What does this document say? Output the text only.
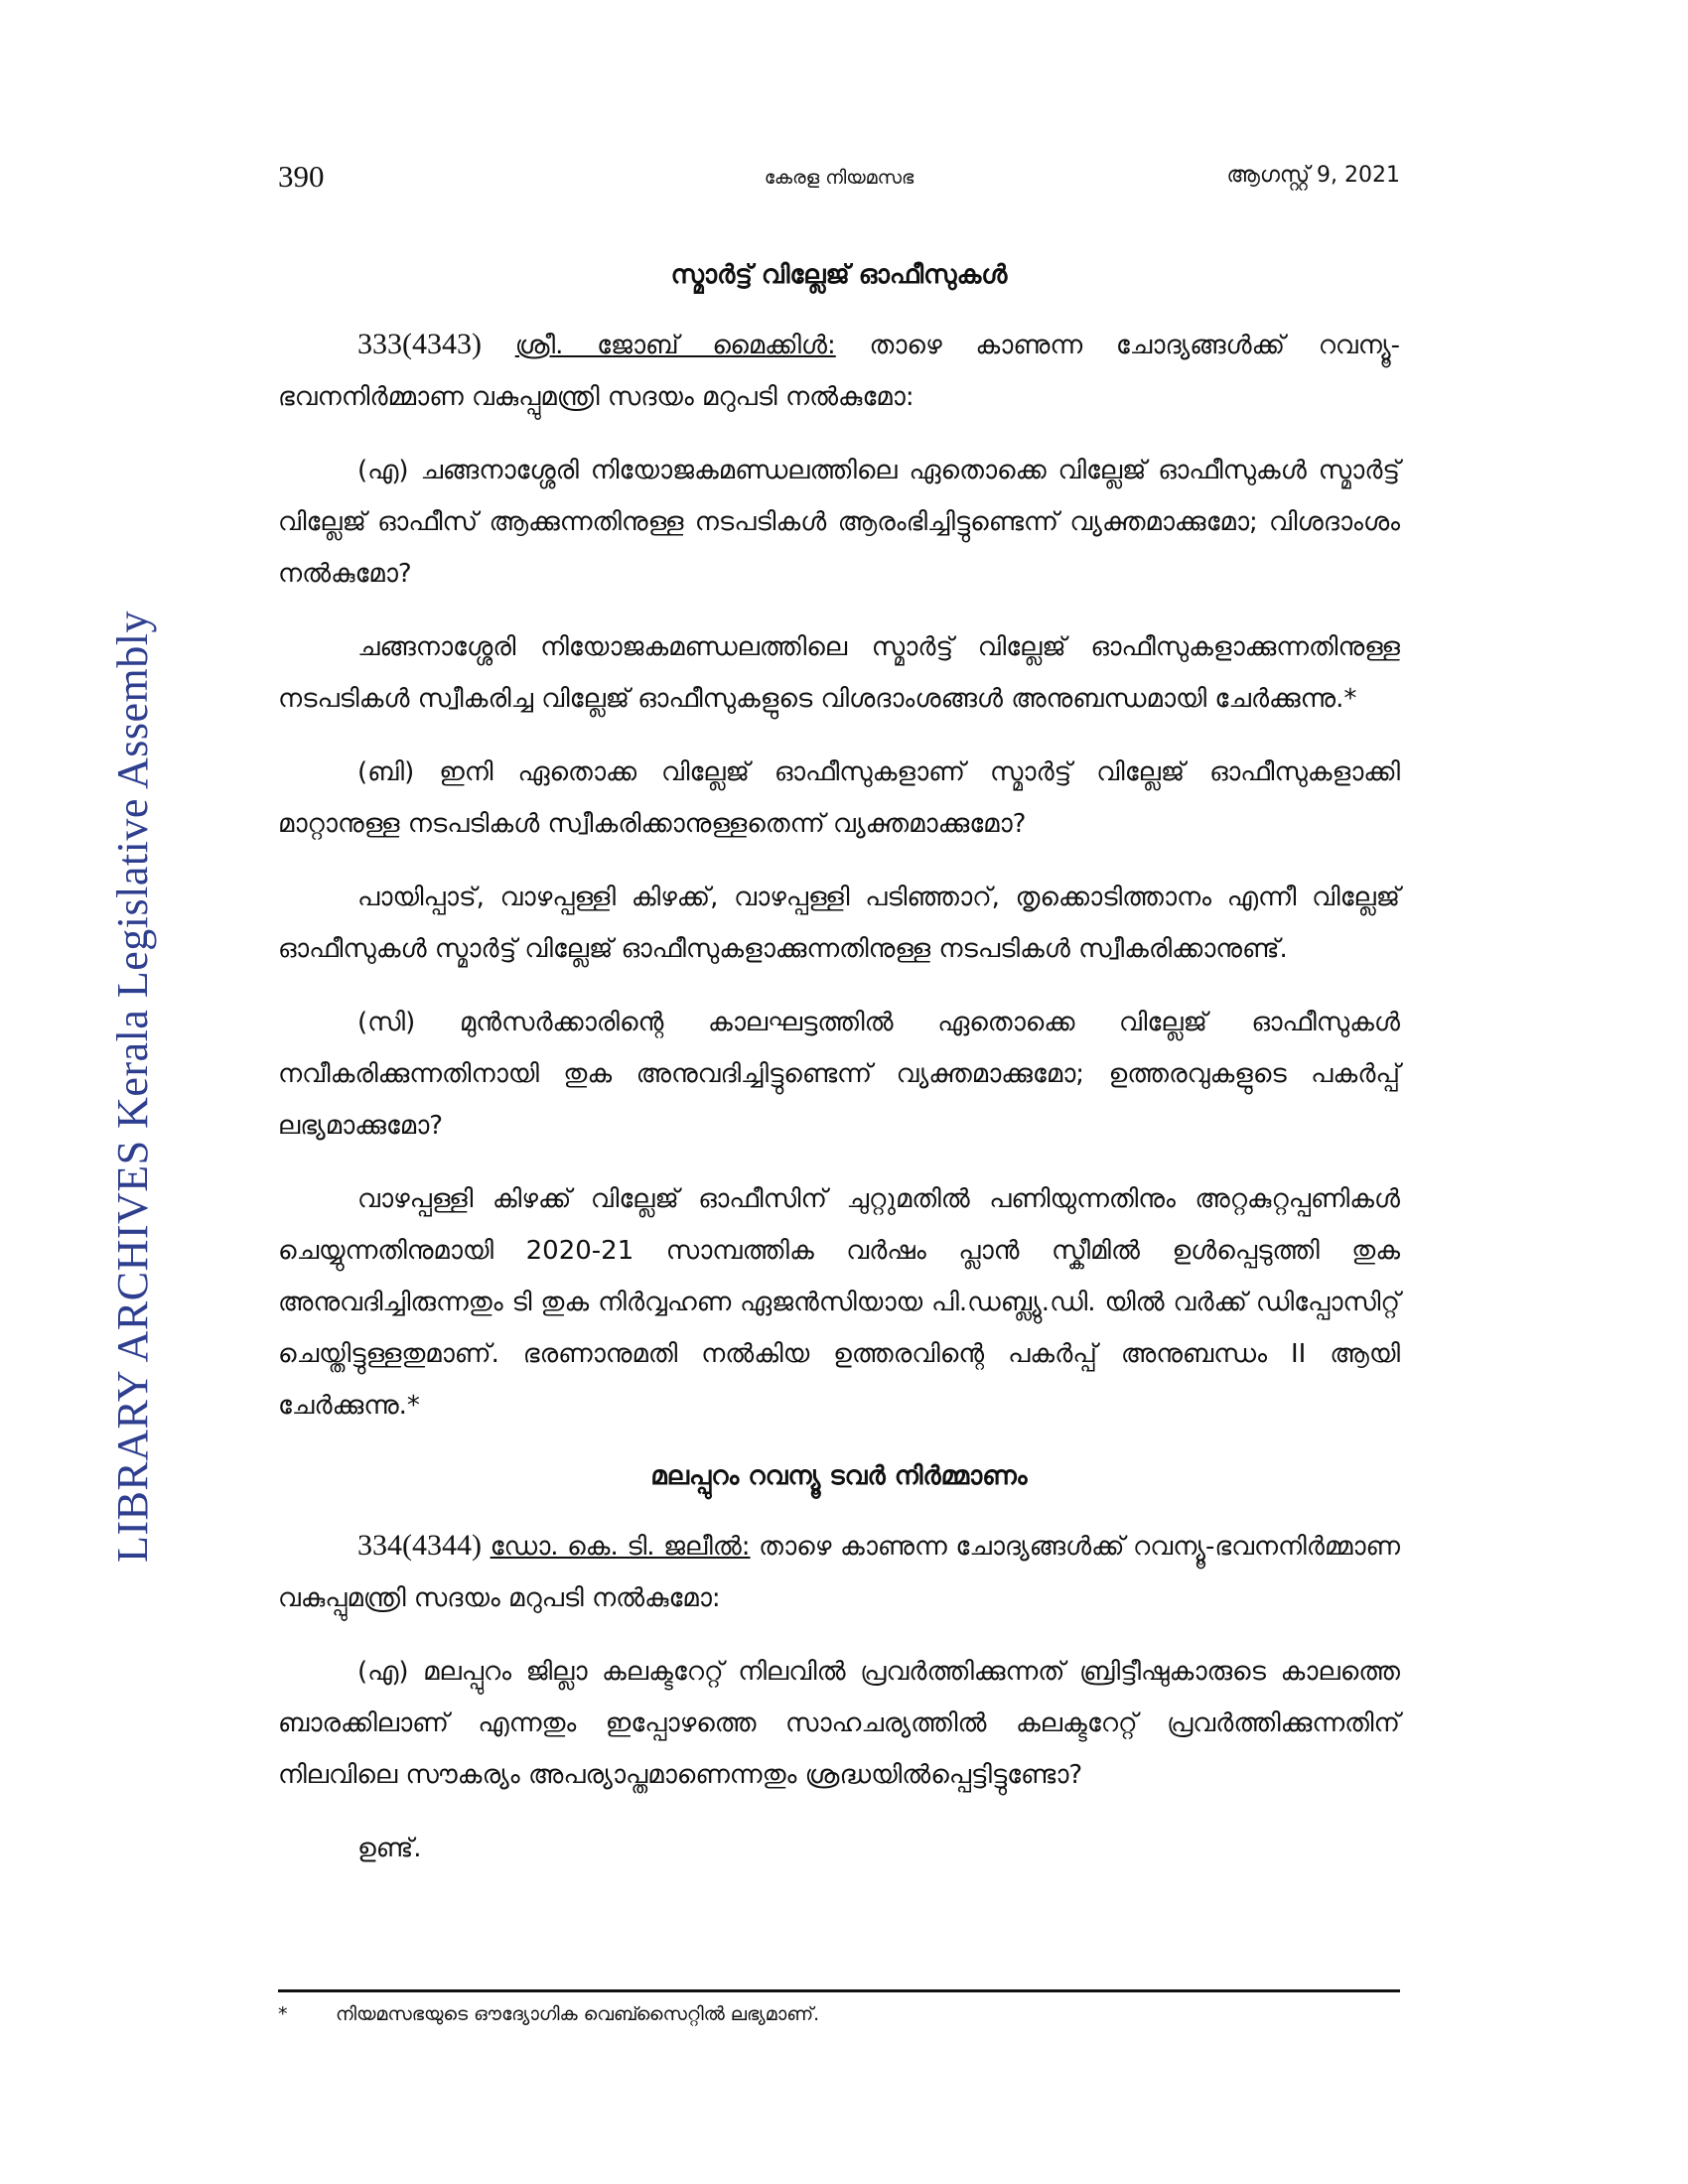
LIBRARY ARCHIVES Kerala Legislative Assembly
390	കേരള നിയമസഭ	ആഗസ്റ്റ് 9, 2021
സ്മാർട്ട് വില്ലേജ് ഓഫീസുകൾ

333(4343) ശ്രീ. ജോബ് മൈക്കിൾ: താഴെ കാണുന്ന ചോദ്യങ്ങൾക്ക് റവന്യൂ-ഭവനനിർമ്മാണ വകുപ്പുമന്ത്രി സദയം മറുപടി നൽകുമോ:

(എ) ചങ്ങനാശ്ശേരി നിയോജകമണ്ഡലത്തിലെ ഏതൊക്കെ വില്ലേജ് ഓഫീസുകൾ സ്മാർട്ട് വില്ലേജ് ഓഫീസ് ആക്കുന്നതിനുള്ള നടപടികൾ ആരംഭിച്ചിട്ടുണ്ടെന്ന് വ്യക്തമാക്കുമോ; വിശദാംശം നൽകുമോ?

ചങ്ങനാശ്ശേരി നിയോജകമണ്ഡലത്തിലെ സ്മാർട്ട് വില്ലേജ് ഓഫീസുകളാക്കുന്നതിനുള്ള നടപടികൾ സ്വീകരിച്ച വില്ലേജ് ഓഫീസുകളുടെ വിശദാംശങ്ങൾ അനുബന്ധമായി ചേർക്കുന്നു.*

(ബി) ഇനി ഏതൊക്ക വില്ലേജ് ഓഫീസുകളാണ് സ്മാർട്ട് വില്ലേജ് ഓഫീസുകളാക്കി മാറ്റാനുള്ള നടപടികൾ സ്വീകരിക്കാനുള്ളതെന്ന് വ്യക്തമാക്കുമോ?

പായിപ്പാട്, വാഴപ്പള്ളി കിഴക്ക്, വാഴപ്പള്ളി പടിഞ്ഞാറ്, തൃക്കൊടിത്താനം എന്നീ വില്ലേജ് ഓഫീസുകൾ സ്മാർട്ട് വില്ലേജ് ഓഫീസുകളാക്കുന്നതിനുള്ള നടപടികൾ സ്വീകരിക്കാനുണ്ട്.

(സി) മുൻസർക്കാരിന്റെ കാലഘട്ടത്തിൽ ഏതൊക്കെ വില്ലേജ് ഓഫീസുകൾ നവീകരിക്കുന്നതിനായി തുക അനുവദിച്ചിട്ടുണ്ടെന്ന് വ്യക്തമാക്കുമോ; ഉത്തരവുകളുടെ പകർപ്പ് ലഭ്യമാക്കുമോ?

വാഴപ്പള്ളി കിഴക്ക് വില്ലേജ് ഓഫീസിന് ചുറ്റുമതിൽ പണിയുന്നതിനും അറ്റകുറ്റപ്പണികൾ ചെയ്യുന്നതിനുമായി 2020-21 സാമ്പത്തിക വർഷം പ്ലാൻ സ്കീമിൽ ഉൾപ്പെടുത്തി തുക അനുവദിച്ചിരുന്നതും ടി തുക നിർവ്വഹണ ഏജൻസിയായ പി.ഡബ്ല്യു.ഡി. യിൽ വർക്ക് ഡിപ്പോസിറ്റ് ചെയ്തിട്ടുള്ളതുമാണ്. ഭരണാനുമതി നൽകിയ ഉത്തരവിന്റെ പകർപ്പ് അനുബന്ധം II ആയി ചേർക്കുന്നു.*

മലപ്പുറം റവന്യൂ ടവർ നിർമ്മാണം

334(4344) ഡോ. കെ. ടി. ജലീൽ: താഴെ കാണുന്ന ചോദ്യങ്ങൾക്ക് റവന്യൂ-ഭവനനിർമ്മാണ വകുപ്പുമന്ത്രി സദയം മറുപടി നൽകുമോ:

(എ) മലപ്പുറം ജില്ലാ കലക്ടറേറ്റ് നിലവിൽ പ്രവർത്തിക്കുന്നത് ബ്രിട്ടീഷുകാരുടെ കാലത്തെ ബാരക്കിലാണ് എന്നതും ഇപ്പോഴത്തെ സാഹചര്യത്തിൽ കലക്ടറേറ്റ് പ്രവർത്തിക്കുന്നതിന് നിലവിലെ സൗകര്യം അപര്യാപ്തമാണെന്നതും ശ്രദ്ധയിൽപ്പെട്ടിട്ടുണ്ടോ?

ഉണ്ട്.

*	നിയമസഭയുടെ ഔദ്യോഗിക വെബ്സൈറ്റിൽ ലഭ്യമാണ്.
